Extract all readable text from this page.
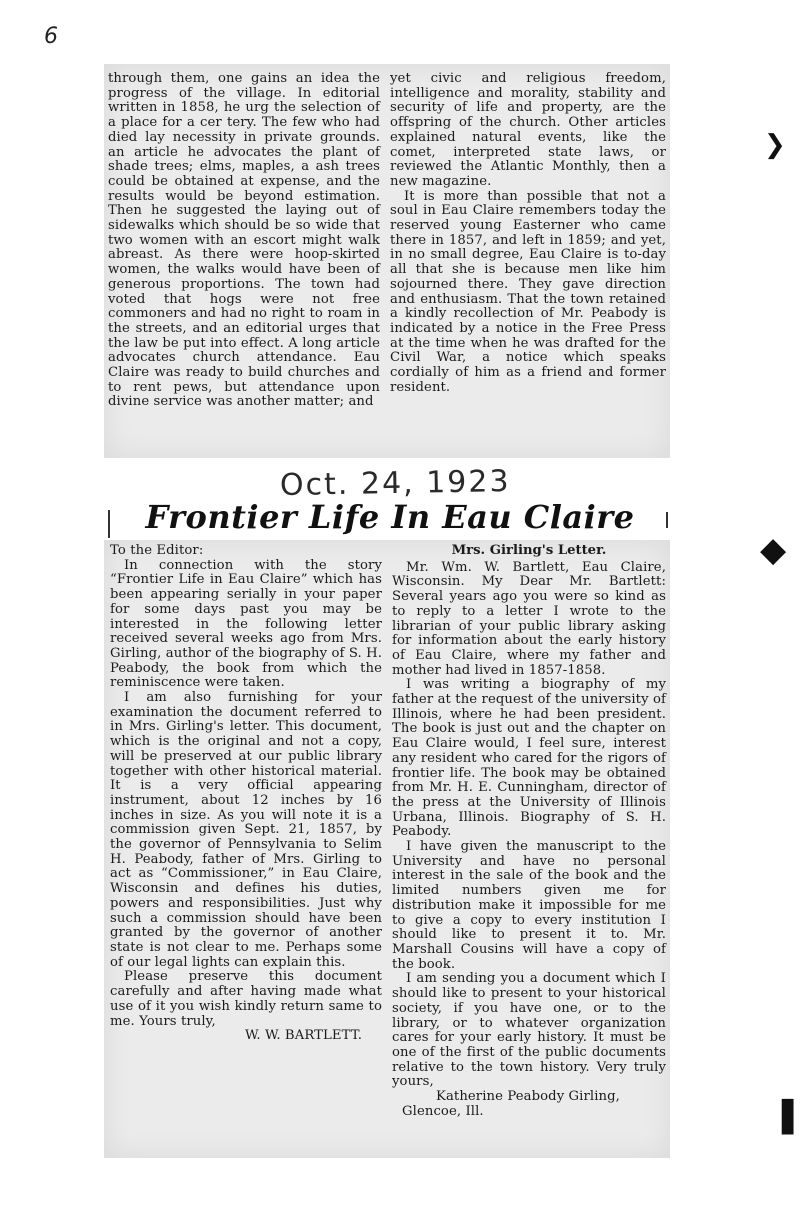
6

through them, one gains an idea the progress of the village. In editorial written in 1858, he urg the selection of a place for a cer tery. The few who had died lay necessity in private grounds. an article he advocates the plant of shade trees; elms, maples, a ash trees could be obtained at expense, and the results would be beyond estimation. Then he suggested the laying out of sidewalks which should be so wide that two women with an escort might walk abreast. As there were hoop-skirted women, the walks would have been of generous proportions. The town had voted that hogs were not free commoners and had no right to roam in the streets, and an editorial urges that the law be put into effect. A long article advocates church attendance. Eau Claire was ready to build churches and to rent pews, but attendance upon divine service was another matter; and

yet civic and religious freedom, intelligence and morality, stability and security of life and property, are the offspring of the church. Other articles explained natural events, like the comet, interpreted state laws, or reviewed the Atlantic Monthly, then a new magazine.

It is more than possible that not a soul in Eau Claire remembers today the reserved young Easterner who came there in 1857, and left in 1859; and yet, in no small degree, Eau Claire is to-day all that she is because men like him sojourned there. They gave direction and enthusiasm. That the town retained a kindly recollection of Mr. Peabody is indicated by a notice in the Free Press at the time when he was drafted for the Civil War, a notice which speaks cordially of him as a friend and former resident.

Oct. 24, 1923
Frontier Life In Eau Claire

To the Editor:

In connection with the story “Frontier Life in Eau Claire” which has been appearing serially in your paper for some days past you may be interested in the following letter received several weeks ago from Mrs. Girling, author of the biography of S. H. Peabody, the book from which the reminiscence were taken.

I am also furnishing for your examination the document referred to in Mrs. Girling's letter. This document, which is the original and not a copy, will be preserved at our public library together with other historical material. It is a very official appearing instrument, about 12 inches by 16 inches in size. As you will note it is a commission given Sept. 21, 1857, by the governor of Pennsylvania to Selim H. Peabody, father of Mrs. Girling to act as “Commissioner,” in Eau Claire, Wisconsin and defines his duties, powers and responsibilities. Just why such a commission should have been granted by the governor of another state is not clear to me. Perhaps some of our legal lights can explain this.

Please preserve this document carefully and after having made what use of it you wish kindly return same to me. Yours truly,

W. W. BARTLETT.

Mrs. Girling's Letter.

Mr. Wm. W. Bartlett, Eau Claire, Wisconsin. My Dear Mr. Bartlett: Several years ago you were so kind as to reply to a letter I wrote to the librarian of your public library asking for information about the early history of Eau Claire, where my father and mother had lived in 1857-1858.

I was writing a biography of my father at the request of the university of Illinois, where he had been president. The book is just out and the chapter on Eau Claire would, I feel sure, interest any resident who cared for the rigors of frontier life. The book may be obtained from Mr. H. E. Cunningham, director of the press at the University of Illinois Urbana, Illinois. Biography of S. H. Peabody.

I have given the manuscript to the University and have no personal interest in the sale of the book and the limited numbers given me for distribution make it impossible for me to give a copy to every institution I should like to present it to. Mr. Marshall Cousins will have a copy of the book.

I am sending you a document which I should like to present to your historical society, if you have one, or to the library, or to whatever organization cares for your early history. It must be one of the first of the public documents relative to the town history. Very truly yours,

Katherine Peabody Girling,

Glencoe, Ill.

❯
◆
▌
